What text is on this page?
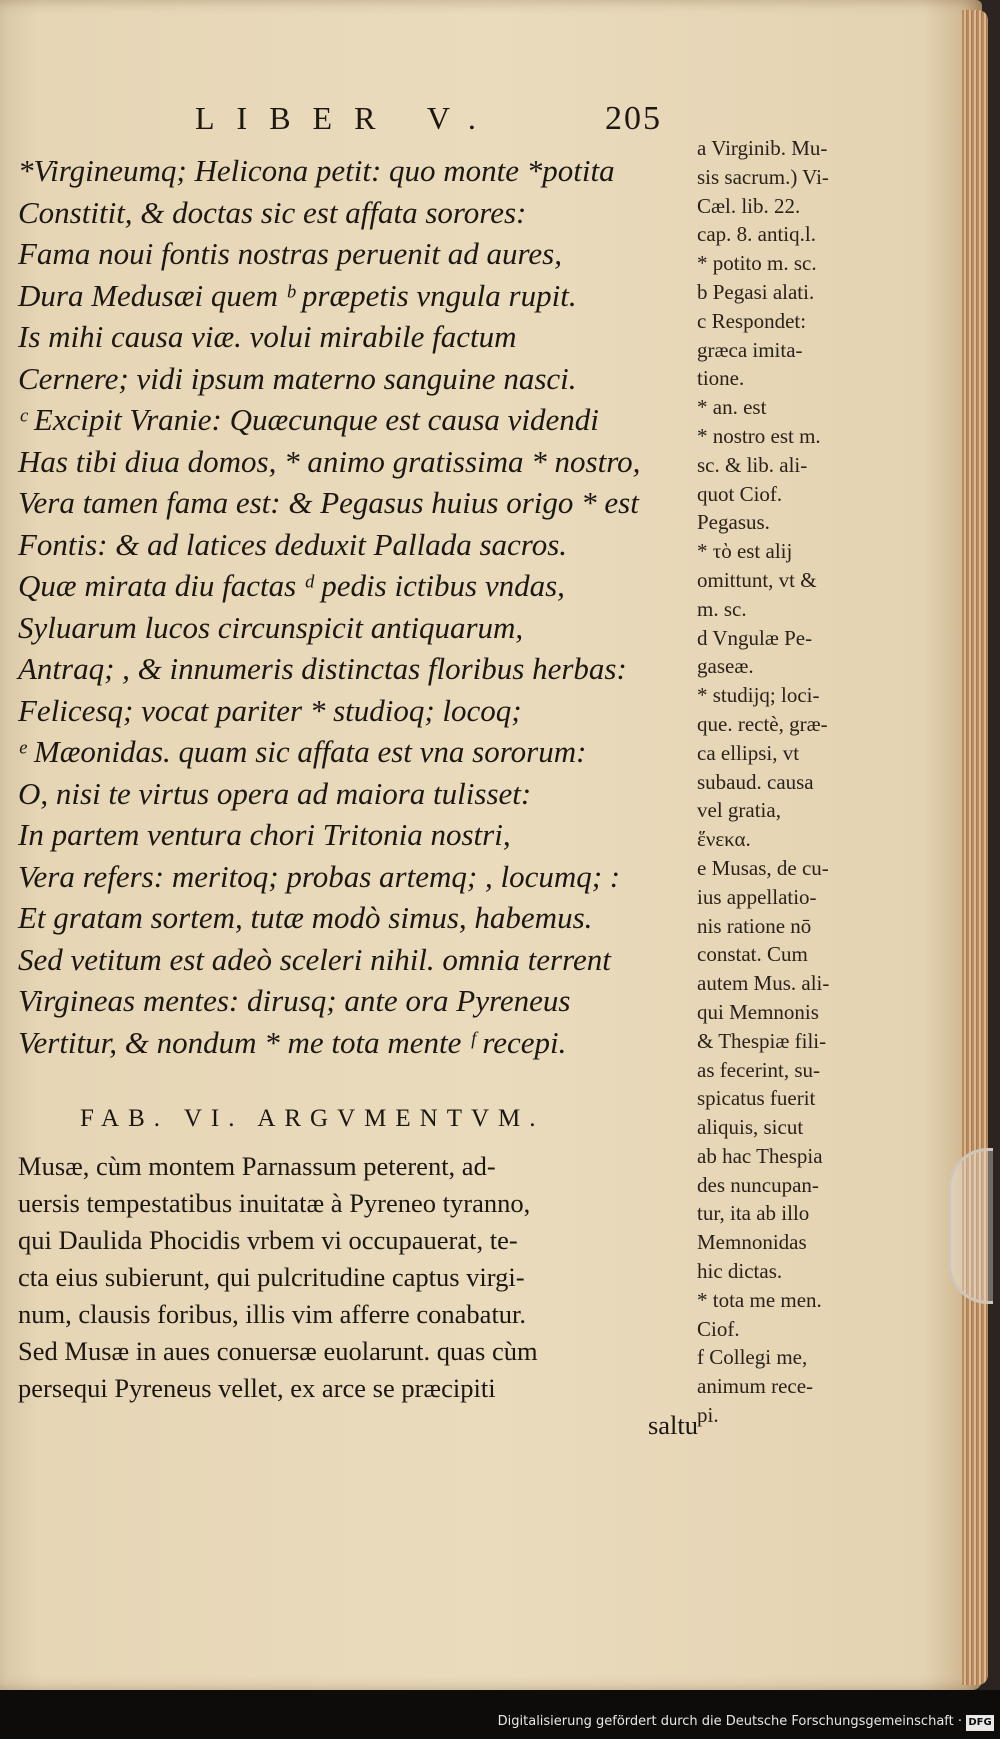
LIBER V.	205
*Virgineumq; Helicona petit: quo monte *potita
Constitit, & doctas sic est affata sorores:
Fama noui fontis nostras peruenit ad aures,
Dura Medusæi quem ᵇ præpetis vngula rupit.
Is mihi causa viæ. volui mirabile factum
Cernere; vidi ipsum materno sanguine nasci.
ᶜ Excipit Vranie: Quæcunque est causa videndi
Has tibi diua domos, * animo gratissima * nostro,
Vera tamen fama est: & Pegasus huius origo * est
Fontis: & ad latices deduxit Pallada sacros.
Quæ mirata diu factas ᵈ pedis ictibus vndas,
Syluarum lucos circunspicit antiquarum,
Antraq; , & innumeris distinctas floribus herbas:
Felicesq; vocat pariter * studioq; locoq;
ᵉ Mæonidas. quam sic affata est vna sororum:
O, nisi te virtus opera ad maiora tulisset:
In partem ventura chori Tritonia nostri,
Vera refers: meritoq; probas artemq; , locumq; :
Et gratam sortem, tutæ modò simus, habemus.
Sed vetitum est adeò sceleri nihil. omnia terrent
Virgineas mentes: dirusq; ante ora Pyreneus
Vertitur, & nondum * me tota mente ᶠ recepi.
FAB. VI. ARGVMENTVM.
Musæ, cùm montem Parnassum peterent, ad-
uersis tempestatibus inuitatæ à Pyreneo tyranno,
qui Daulida Phocidis vrbem vi occupauerat, te-
cta eius subierunt, qui pulcritudine captus virgi-
num, clausis foribus, illis vim afferre conabatur.
Sed Musæ in aues conuersæ euolarunt. quas cùm
persequi Pyreneus vellet, ex arce se præcipiti
saltu
a Virginib. Mu-
sis sacrum.) Vi-
Cæl. lib. 22.
cap. 8. antiq.l.
* potito m. sc.
b Pegasi alati.
c Respondet:
græca imita-
tione.
* an. est
* nostro est m.
sc. & lib. ali-
quot Ciof.
Pegasus.
* τὸ est alij
omittunt, vt &
m. sc.
d Vngulæ Pe-
gaseæ.
* studijq; loci-
que. rectè, græ-
ca ellipsi, vt
subaud. causa
vel gratia,
ἕνεκα.
e Musas, de cu-
ius appellatio-
nis ratione nō
constat. Cum
autem Mus. ali-
qui Memnonis
& Thespiæ fili-
as fecerint, su-
spicatus fuerit
aliquis, sicut
ab hac Thespia
des nuncupan-
tur, ita ab illo
Memnonidas
hic dictas.
* tota me men.
Ciof.
f Collegi me,
animum rece-
pi.
Digitalisierung gefördert durch die Deutsche Forschungsgemeinschaft · DFG
